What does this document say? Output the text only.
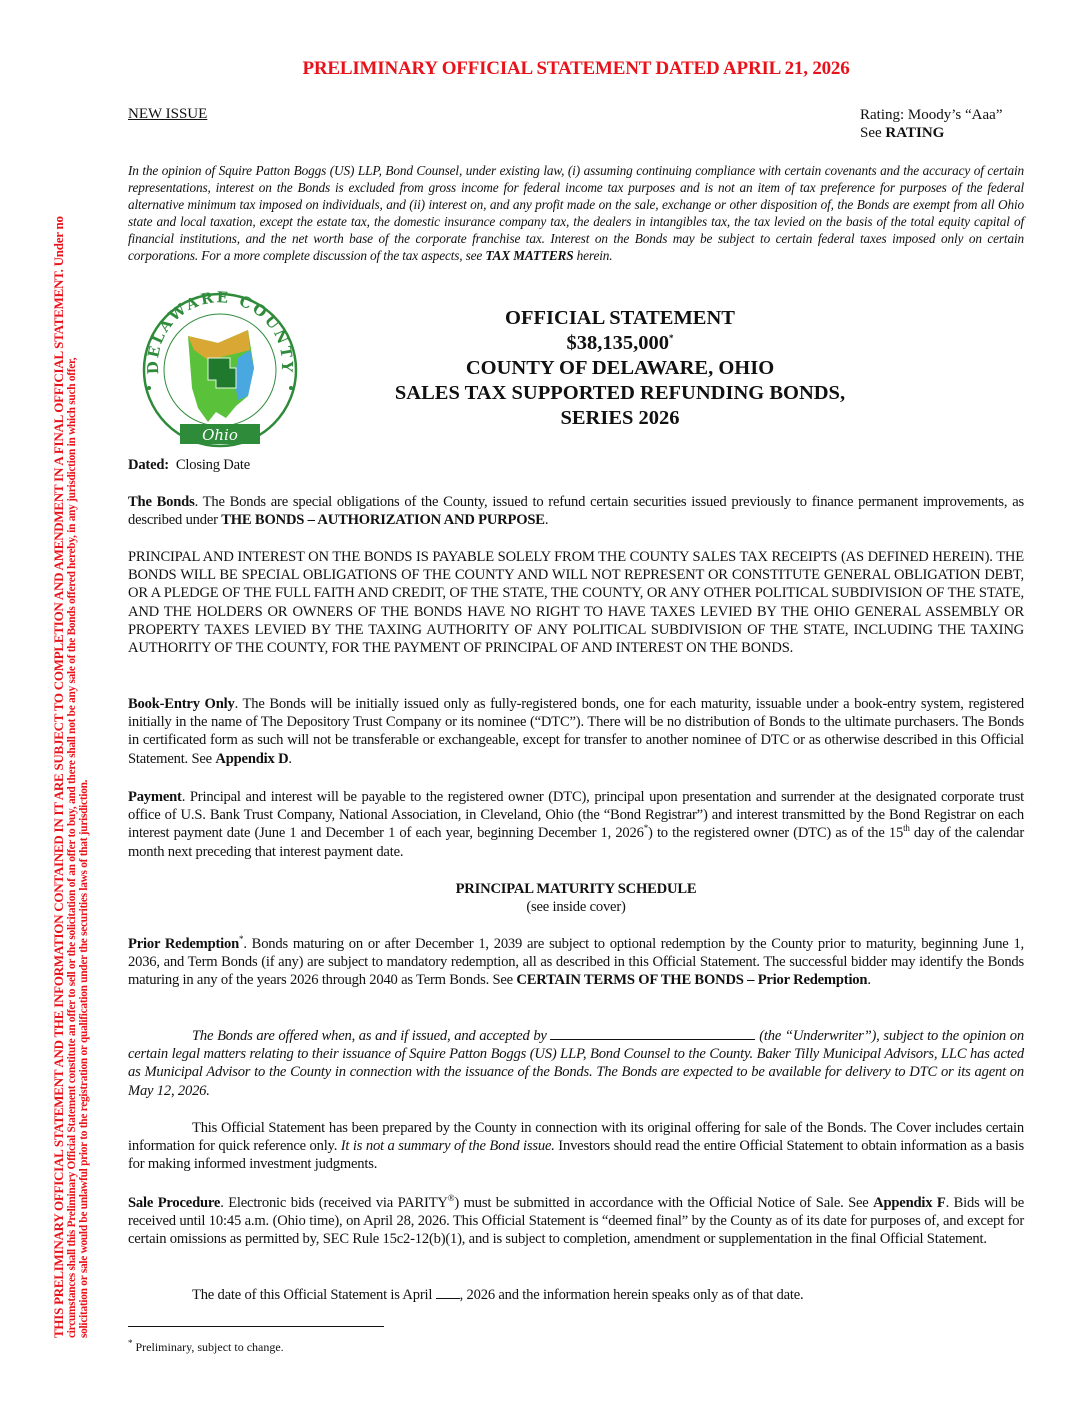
THIS PRELIMINARY OFFICIAL STATEMENT AND THE INFORMATION CONTAINED IN IT ARE SUBJECT TO COMPLETION AND AMENDMENT IN A FINAL OFFICIAL STATEMENT. Under no circumstances shall this Preliminary Official Statement constitute an offer to sell or the solicitation of an offer to buy, and there shall not be any sale of the Bonds offered hereby, in any jurisdiction in which such offer, solicitation or sale would be unlawful prior to the registration or qualification under the securities laws of that jurisdiction.
PRELIMINARY OFFICIAL STATEMENT DATED APRIL 21, 2026
NEW ISSUE	Rating: Moody’s “Aaa”
See RATING
In the opinion of Squire Patton Boggs (US) LLP, Bond Counsel, under existing law, (i) assuming continuing compliance with certain covenants and the accuracy of certain representations, interest on the Bonds is excluded from gross income for federal income tax purposes and is not an item of tax preference for purposes of the federal alternative minimum tax imposed on individuals, and (ii) interest on, and any profit made on the sale, exchange or other disposition of, the Bonds are exempt from all Ohio state and local taxation, except the estate tax, the domestic insurance company tax, the dealers in intangibles tax, the tax levied on the basis of the total equity capital of financial institutions, and the net worth base of the corporate franchise tax. Interest on the Bonds may be subject to certain federal taxes imposed only on certain corporations. For a more complete discussion of the tax aspects, see TAX MATTERS herein.
DELAWARE COUNTY
Ohio
OFFICIAL STATEMENT
$38,135,000*
COUNTY OF DELAWARE, OHIO
SALES TAX SUPPORTED REFUNDING BONDS,
SERIES 2026
Dated:  Closing Date
The Bonds. The Bonds are special obligations of the County, issued to refund certain securities issued previously to finance permanent improvements, as described under THE BONDS – AUTHORIZATION AND PURPOSE.
PRINCIPAL AND INTEREST ON THE BONDS IS PAYABLE SOLELY FROM THE COUNTY SALES TAX RECEIPTS (AS DEFINED HEREIN). THE BONDS WILL BE SPECIAL OBLIGATIONS OF THE COUNTY AND WILL NOT REPRESENT OR CONSTITUTE GENERAL OBLIGATION DEBT, OR A PLEDGE OF THE FULL FAITH AND CREDIT, OF THE STATE, THE COUNTY, OR ANY OTHER POLITICAL SUBDIVISION OF THE STATE, AND THE HOLDERS OR OWNERS OF THE BONDS HAVE NO RIGHT TO HAVE TAXES LEVIED BY THE OHIO GENERAL ASSEMBLY OR PROPERTY TAXES LEVIED BY THE TAXING AUTHORITY OF ANY POLITICAL SUBDIVISION OF THE STATE, INCLUDING THE TAXING AUTHORITY OF THE COUNTY, FOR THE PAYMENT OF PRINCIPAL OF AND INTEREST ON THE BONDS.
Book-Entry Only. The Bonds will be initially issued only as fully-registered bonds, one for each maturity, issuable under a book-entry system, registered initially in the name of The Depository Trust Company or its nominee (“DTC”). There will be no distribution of Bonds to the ultimate purchasers. The Bonds in certificated form as such will not be transferable or exchangeable, except for transfer to another nominee of DTC or as otherwise described in this Official Statement. See Appendix D.
Payment. Principal and interest will be payable to the registered owner (DTC), principal upon presentation and surrender at the designated corporate trust office of U.S. Bank Trust Company, National Association, in Cleveland, Ohio (the “Bond Registrar”) and interest transmitted by the Bond Registrar on each interest payment date (June 1 and December 1 of each year, beginning December 1, 2026*) to the registered owner (DTC) as of the 15th day of the calendar month next preceding that interest payment date.
PRINCIPAL MATURITY SCHEDULE
(see inside cover)
Prior Redemption*. Bonds maturing on or after December 1, 2039 are subject to optional redemption by the County prior to maturity, beginning June 1, 2036, and Term Bonds (if any) are subject to mandatory redemption, all as described in this Official Statement. The successful bidder may identify the Bonds maturing in any of the years 2026 through 2040 as Term Bonds. See CERTAIN TERMS OF THE BONDS – Prior Redemption.
The Bonds are offered when, as and if issued, and accepted by	(the “Underwriter”), subject to the opinion on certain legal matters relating to their issuance of Squire Patton Boggs (US) LLP, Bond Counsel to the County. Baker Tilly Municipal Advisors, LLC has acted as Municipal Advisor to the County in connection with the issuance of the Bonds. The Bonds are expected to be available for delivery to DTC or its agent on May 12, 2026.
This Official Statement has been prepared by the County in connection with its original offering for sale of the Bonds. The Cover includes certain information for quick reference only. It is not a summary of the Bond issue. Investors should read the entire Official Statement to obtain information as a basis for making informed investment judgments.
Sale Procedure. Electronic bids (received via PARITY®) must be submitted in accordance with the Official Notice of Sale. See Appendix F. Bids will be received until 10:45 a.m. (Ohio time), on April 28, 2026. This Official Statement is “deemed final” by the County as of its date for purposes of, and except for certain omissions as permitted by, SEC Rule 15c2-12(b)(1), and is subject to completion, amendment or supplementation in the final Official Statement.
The date of this Official Statement is April , 2026 and the information herein speaks only as of that date.
* Preliminary, subject to change.
